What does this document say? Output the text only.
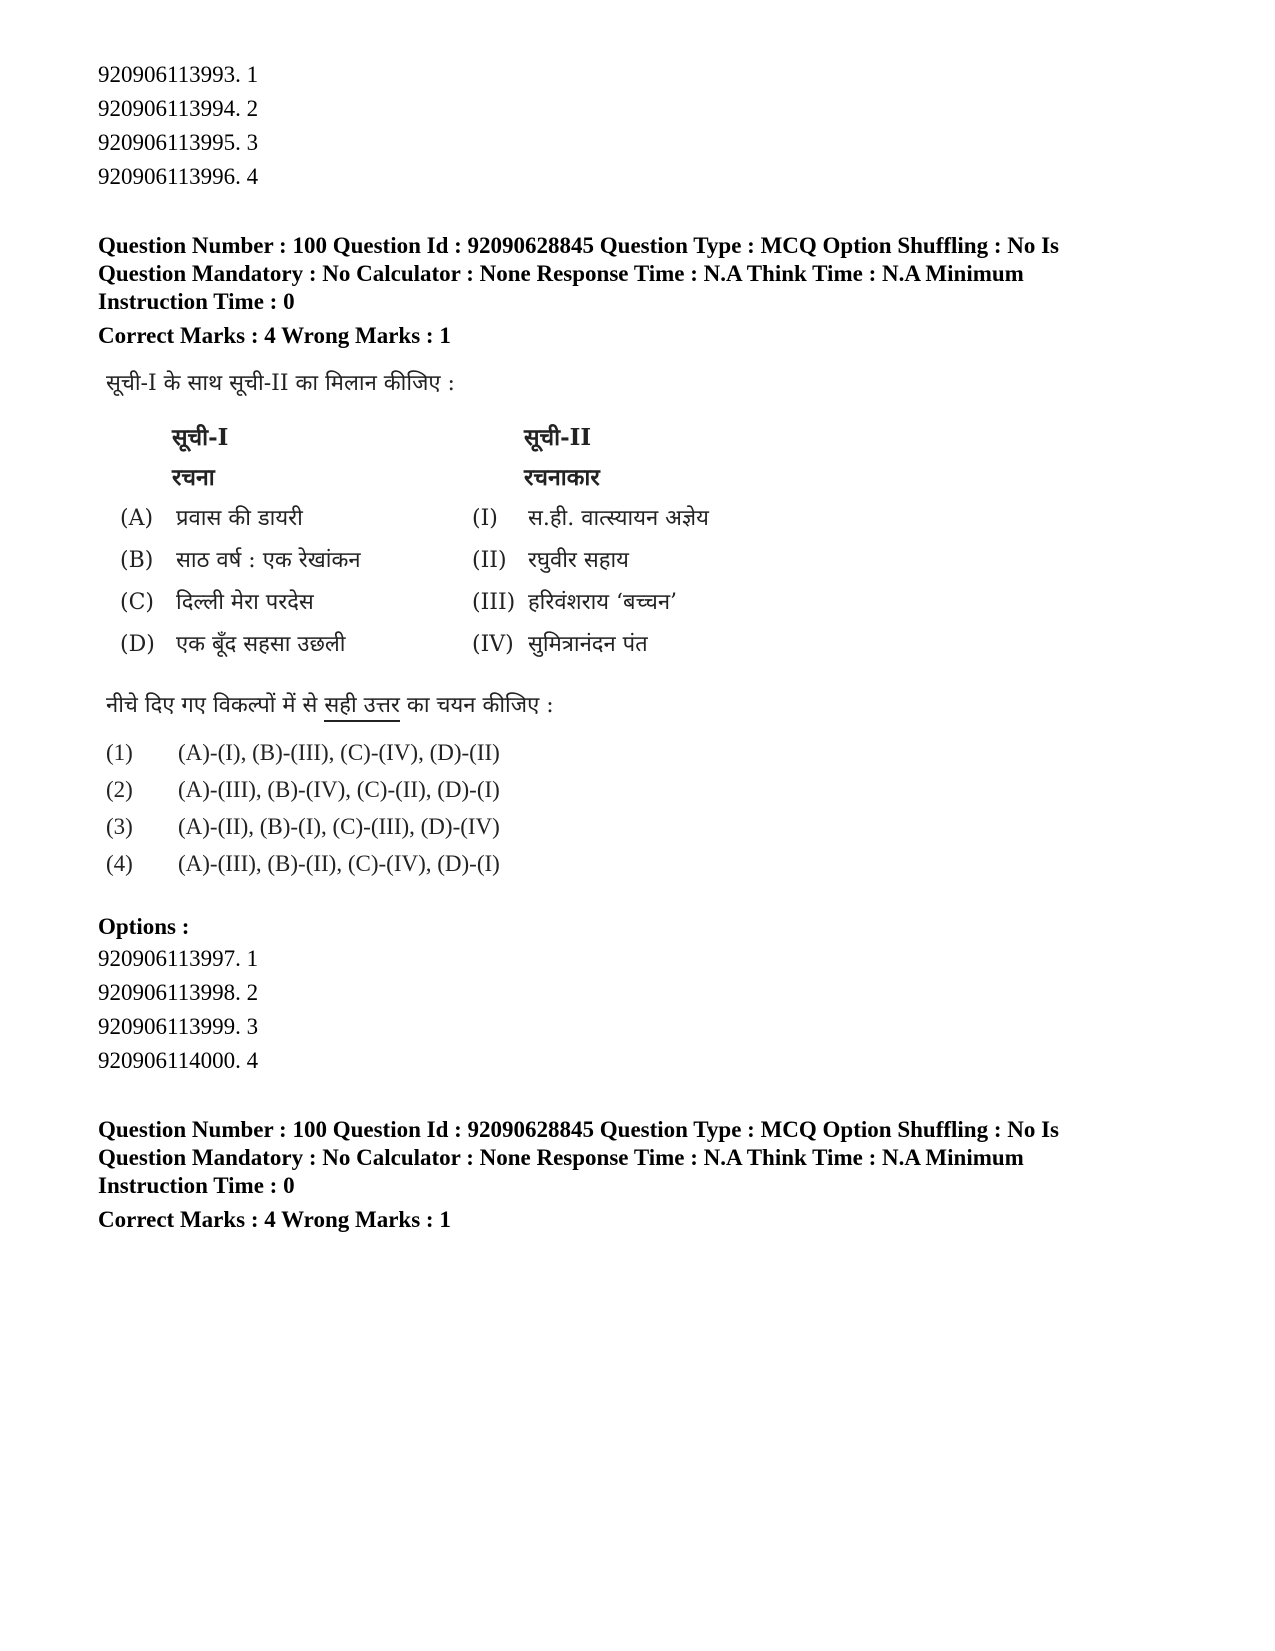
920906113993. 1
920906113994. 2
920906113995. 3
920906113996. 4
Question Number : 100 Question Id : 92090628845 Question Type : MCQ Option Shuffling : No Is
Question Mandatory : No Calculator : None Response Time : N.A Think Time : N.A Minimum
Instruction Time : 0
Correct Marks : 4 Wrong Marks : 1
सूची-I के साथ सूची-II का मिलान कीजिए :
सूची-I	सूची-II
रचना	रचनाकार
(A) प्रवास की डायरी	(I) स.ही. वात्स्यायन अज्ञेय
(B) साठ वर्ष : एक रेखांकन	(II) रघुवीर सहाय
(C) दिल्ली मेरा परदेस	(III) हरिवंशराय ‘बच्चन’
(D) एक बूँद सहसा उछली	(IV) सुमित्रानंदन पंत
नीचे दिए गए विकल्पों में से सही उत्तर का चयन कीजिए :
(1) (A)-(I), (B)-(III), (C)-(IV), (D)-(II)
(2) (A)-(III), (B)-(IV), (C)-(II), (D)-(I)
(3) (A)-(II), (B)-(I), (C)-(III), (D)-(IV)
(4) (A)-(III), (B)-(II), (C)-(IV), (D)-(I)
Options :
920906113997. 1
920906113998. 2
920906113999. 3
920906114000. 4
Question Number : 100 Question Id : 92090628845 Question Type : MCQ Option Shuffling : No Is
Question Mandatory : No Calculator : None Response Time : N.A Think Time : N.A Minimum
Instruction Time : 0
Correct Marks : 4 Wrong Marks : 1
